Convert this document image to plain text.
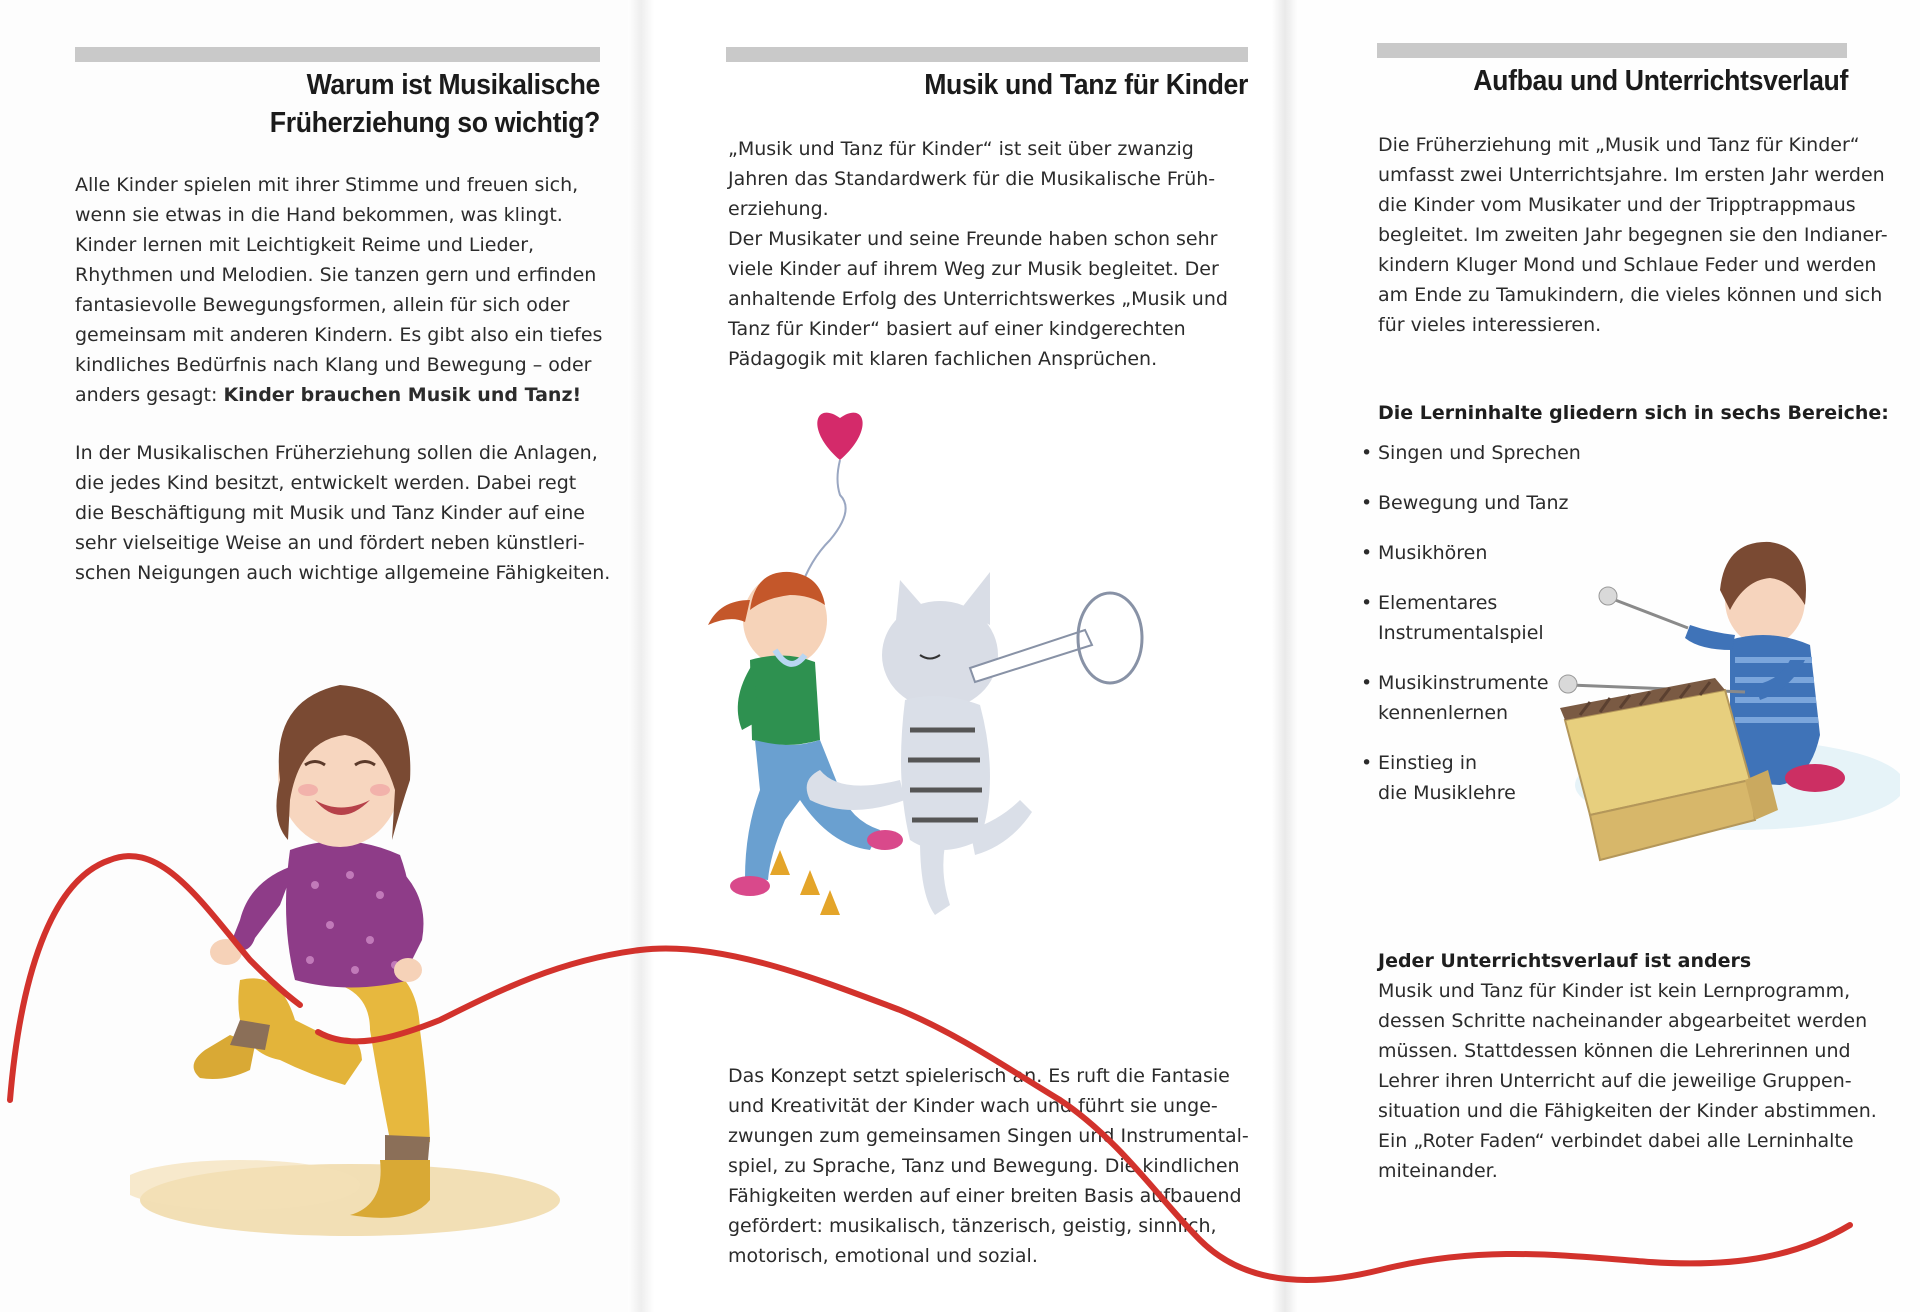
Warum ist Musikalische
Früherziehung so wichtig?
Alle Kinder spielen mit ihrer Stimme und freuen sich,
wenn sie etwas in die Hand bekommen, was klingt.
Kinder lernen mit Leichtigkeit Reime und Lieder,
Rhythmen und Melodien. Sie tanzen gern und erfinden
fantasievolle Bewegungsformen, allein für sich oder
gemeinsam mit anderen Kindern. Es gibt also ein tiefes
kindliches Bedürfnis nach Klang und Bewegung – oder
anders gesagt: Kinder brauchen Musik und Tanz!
In der Musikalischen Früherziehung sollen die Anlagen,
die jedes Kind besitzt, entwickelt werden. Dabei regt
die Beschäftigung mit Musik und Tanz Kinder auf eine
sehr vielseitige Weise an und fördert neben künstleri-
schen Neigungen auch wichtige allgemeine Fähigkeiten.
Musik und Tanz für Kinder
„Musik und Tanz für Kinder“ ist seit über zwanzig
Jahren das Standardwerk für die Musikalische Früh-
erziehung.
Der Musikater und seine Freunde haben schon sehr
viele Kinder auf ihrem Weg zur Musik begleitet. Der
anhaltende Erfolg des Unterrichtswerkes „Musik und
Tanz für Kinder“ basiert auf einer kindgerechten
Pädagogik mit klaren fachlichen Ansprüchen.
Das Konzept setzt spielerisch an. Es ruft die Fantasie
und Kreativität der Kinder wach und führt sie unge-
zwungen zum gemeinsamen Singen und Instrumental-
spiel, zu Sprache, Tanz und Bewegung. Die kindlichen
Fähigkeiten werden auf einer breiten Basis aufbauend
gefördert: musikalisch, tänzerisch, geistig, sinnlich,
motorisch, emotional und sozial.
Aufbau und Unterrichtsverlauf
Die Früherziehung mit „Musik und Tanz für Kinder“
umfasst zwei Unterrichtsjahre. Im ersten Jahr werden
die Kinder vom Musikater und der Tripptrappmaus
begleitet. Im zweiten Jahr begegnen sie den Indianer-
kindern Kluger Mond und Schlaue Feder und werden
am Ende zu Tamukindern, die vieles können und sich
für vieles interessieren.
Die Lerninhalte gliedern sich in sechs Bereiche:
• Singen und Sprechen
• Bewegung und Tanz
• Musikhören
• Elementares
Instrumentalspiel
• Musikinstrumente
kennenlernen
• Einstieg in
die Musiklehre
Jeder Unterrichtsverlauf ist anders
Musik und Tanz für Kinder ist kein Lernprogramm,
dessen Schritte nacheinander abgearbeitet werden
müssen. Stattdessen können die Lehrerinnen und
Lehrer ihren Unterricht auf die jeweilige Gruppen-
situation und die Fähigkeiten der Kinder abstimmen.
Ein „Roter Faden“ verbindet dabei alle Lerninhalte
miteinander.
